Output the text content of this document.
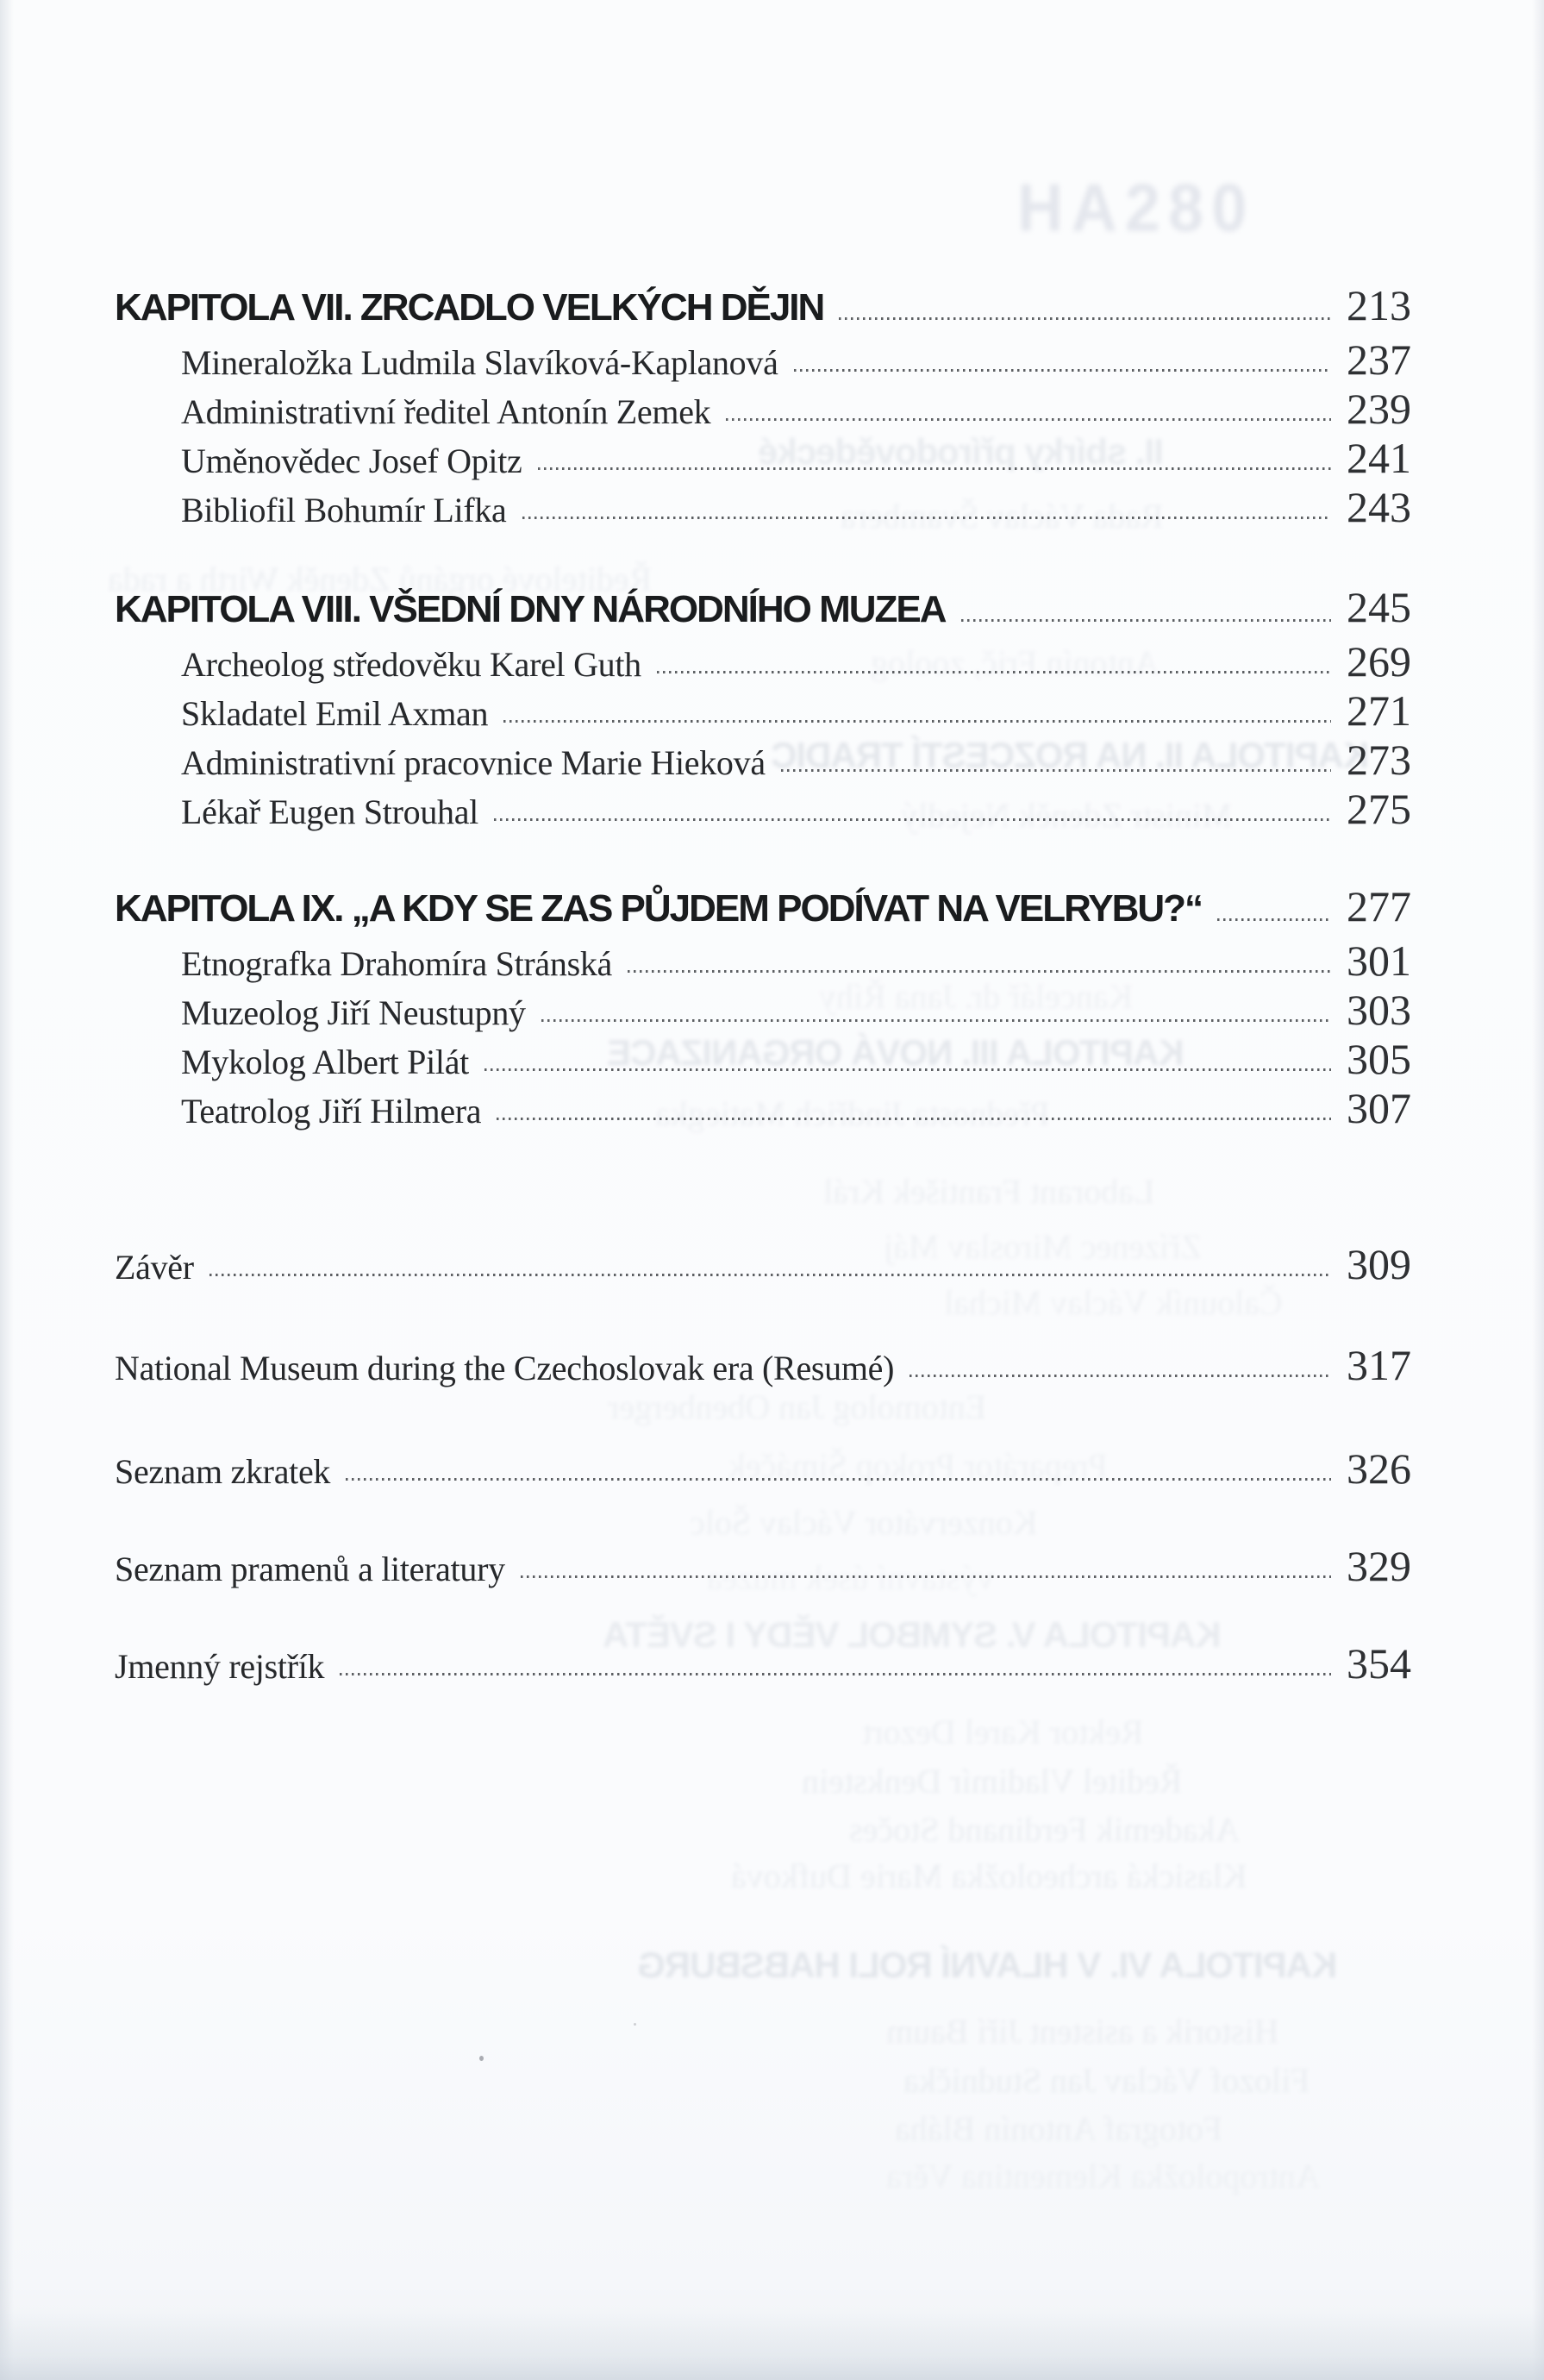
HA280
II. sbírky přírodovědecké
Rada Václav Švambera
Ředitelové orgánů Zdeněk Wirth a rada
Antonín Frič, zoolog
KAPITOLA II. NA ROZCESTÍ TRADIC
Ministr Zdeněk Nejedlý
Kancelář dr. Jana Říhy
KAPITOLA III. NOVÁ ORGANIZACE
Přednosta Jindřich Matiegka
Laborant František Král
Zřízenec Miroslav Máj
Čalouník Václav Michal
Entomolog Jan Obenberger
Preparátor Prokop Šimáček
Konzervátor Václav Šolc
výstavní úsek muzea
KAPITOLA V. SYMBOL VĚDY I SVĚTA
Rektor Karel Dezort
Ředitel Vladimír Denkstein
Akademik Ferdinand Stočes
Klasická archeoložka Marie Dufková
KAPITOLA VI. V HLAVNÍ ROLI HABSBURG
Historik a asistent Jiří Baum
Filozof Václav Jan Studnička
Fotograf Antonín Bláha
Antropoložka Klementina Věra
KAPITOLA VII. ZRCADLO VELKÝCH DĚJIN	213
Mineraložka Ludmila Slavíková-Kaplanová	237
Administrativní ředitel Antonín Zemek	239
Uměnovědec Josef Opitz	241
Bibliofil Bohumír Lifka	243
KAPITOLA VIII. VŠEDNÍ DNY NÁRODNÍHO MUZEA	245
Archeolog středověku Karel Guth	269
Skladatel Emil Axman	271
Administrativní pracovnice Marie Hieková	273
Lékař Eugen Strouhal	275
KAPITOLA IX. „A KDY SE ZAS PŮJDEM PODÍVAT NA VELRYBU?“	277
Etnografka Drahomíra Stránská	301
Muzeolog Jiří Neustupný	303
Mykolog Albert Pilát	305
Teatrolog Jiří Hilmera	307
Závěr	309
National Museum during the Czechoslovak era (Resumé)	317
Seznam zkratek	326
Seznam pramenů a literatury	329
Jmenný rejstřík	354
